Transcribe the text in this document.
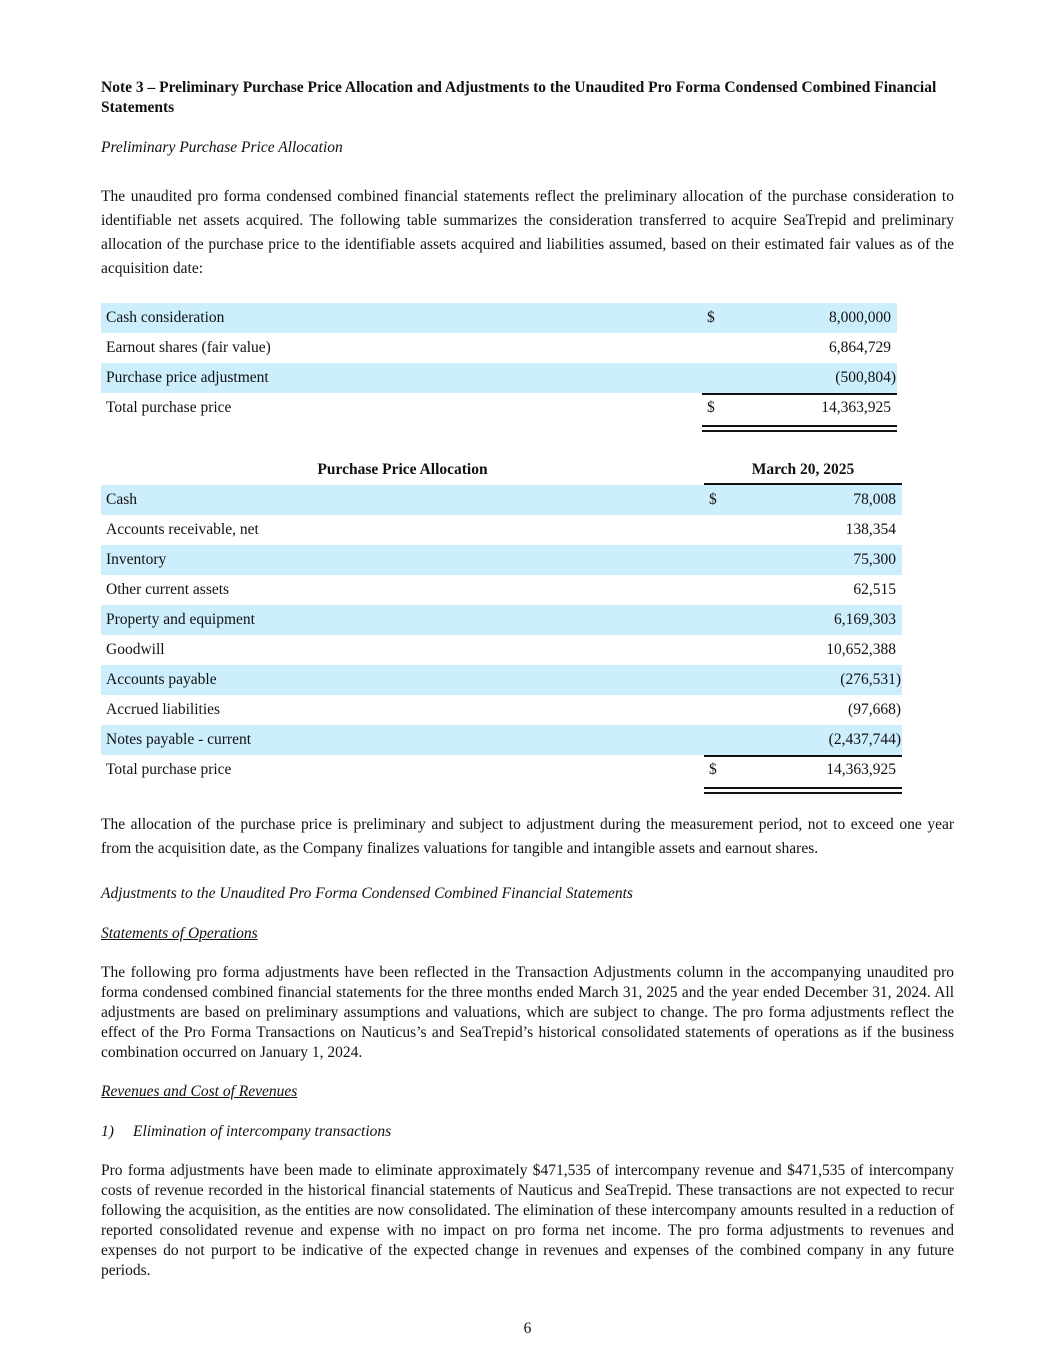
Note 3 – Preliminary Purchase Price Allocation and Adjustments to the Unaudited Pro Forma Condensed Combined Financial Statements
Preliminary Purchase Price Allocation
The unaudited pro forma condensed combined financial statements reflect the preliminary allocation of the purchase consideration to identifiable net assets acquired. The following table summarizes the consideration transferred to acquire SeaTrepid and preliminary allocation of the purchase price to the identifiable assets acquired and liabilities assumed, based on their estimated fair values as of the acquisition date:
Cash consideration	$	8,000,000
Earnout shares (fair value)	6,864,729
Purchase price adjustment	(500,804)
Total purchase price	$	14,363,925
Purchase Price Allocation	March 20, 2025
Cash	$	78,008
Accounts receivable, net	138,354
Inventory	75,300
Other current assets	62,515
Property and equipment	6,169,303
Goodwill	10,652,388
Accounts payable	(276,531)
Accrued liabilities	(97,668)
Notes payable - current	(2,437,744)
Total purchase price	$	14,363,925
The allocation of the purchase price is preliminary and subject to adjustment during the measurement period, not to exceed one year from the acquisition date, as the Company finalizes valuations for tangible and intangible assets and earnout shares.
Adjustments to the Unaudited Pro Forma Condensed Combined Financial Statements
Statements of Operations
The following pro forma adjustments have been reflected in the Transaction Adjustments column in the accompanying unaudited pro forma condensed combined financial statements for the three months ended March 31, 2025 and the year ended December 31, 2024. All adjustments are based on preliminary assumptions and valuations, which are subject to change. The pro forma adjustments reflect the effect of the Pro Forma Transactions on Nauticus’s and SeaTrepid’s historical consolidated statements of operations as if the business combination occurred on January 1, 2024.
Revenues and Cost of Revenues
1) Elimination of intercompany transactions
Pro forma adjustments have been made to eliminate approximately $471,535 of intercompany revenue and $471,535 of intercompany costs of revenue recorded in the historical financial statements of Nauticus and SeaTrepid. These transactions are not expected to recur following the acquisition, as the entities are now consolidated. The elimination of these intercompany amounts resulted in a reduction of reported consolidated revenue and expense with no impact on pro forma net income. The pro forma adjustments to revenues and expenses do not purport to be indicative of the expected change in revenues and expenses of the combined company in any future periods.
6
